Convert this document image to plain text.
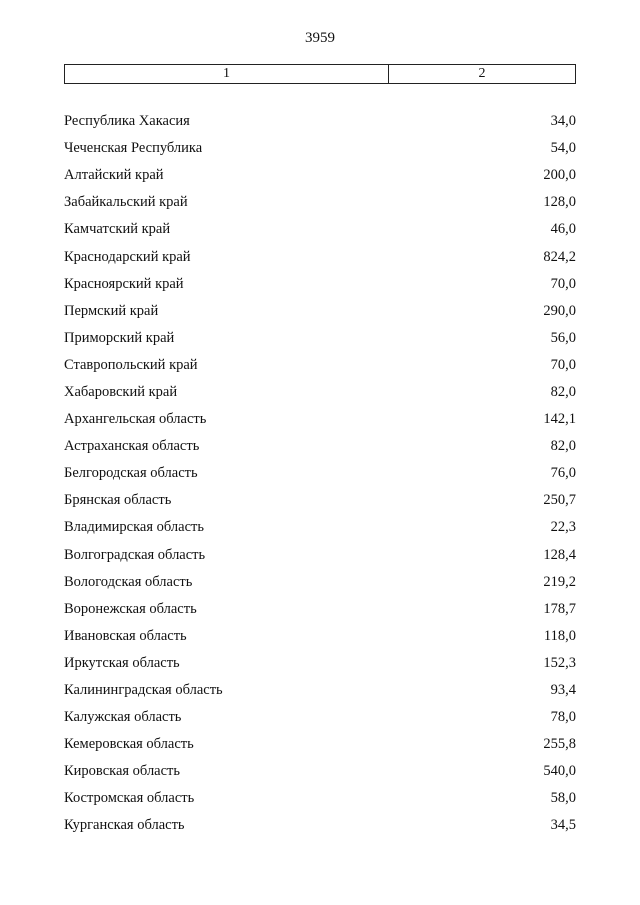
3959
1	2
Республика Хакасия	34,0
Чеченская Республика	54,0
Алтайский край	200,0
Забайкальский край	128,0
Камчатский край	46,0
Краснодарский край	824,2
Красноярский край	70,0
Пермский край	290,0
Приморский край	56,0
Ставропольский край	70,0
Хабаровский край	82,0
Архангельская область	142,1
Астраханская область	82,0
Белгородская область	76,0
Брянская область	250,7
Владимирская область	22,3
Волгоградская область	128,4
Вологодская область	219,2
Воронежская область	178,7
Ивановская область	118,0
Иркутская область	152,3
Калининградская область	93,4
Калужская область	78,0
Кемеровская область	255,8
Кировская область	540,0
Костромская область	58,0
Курганская область	34,5
